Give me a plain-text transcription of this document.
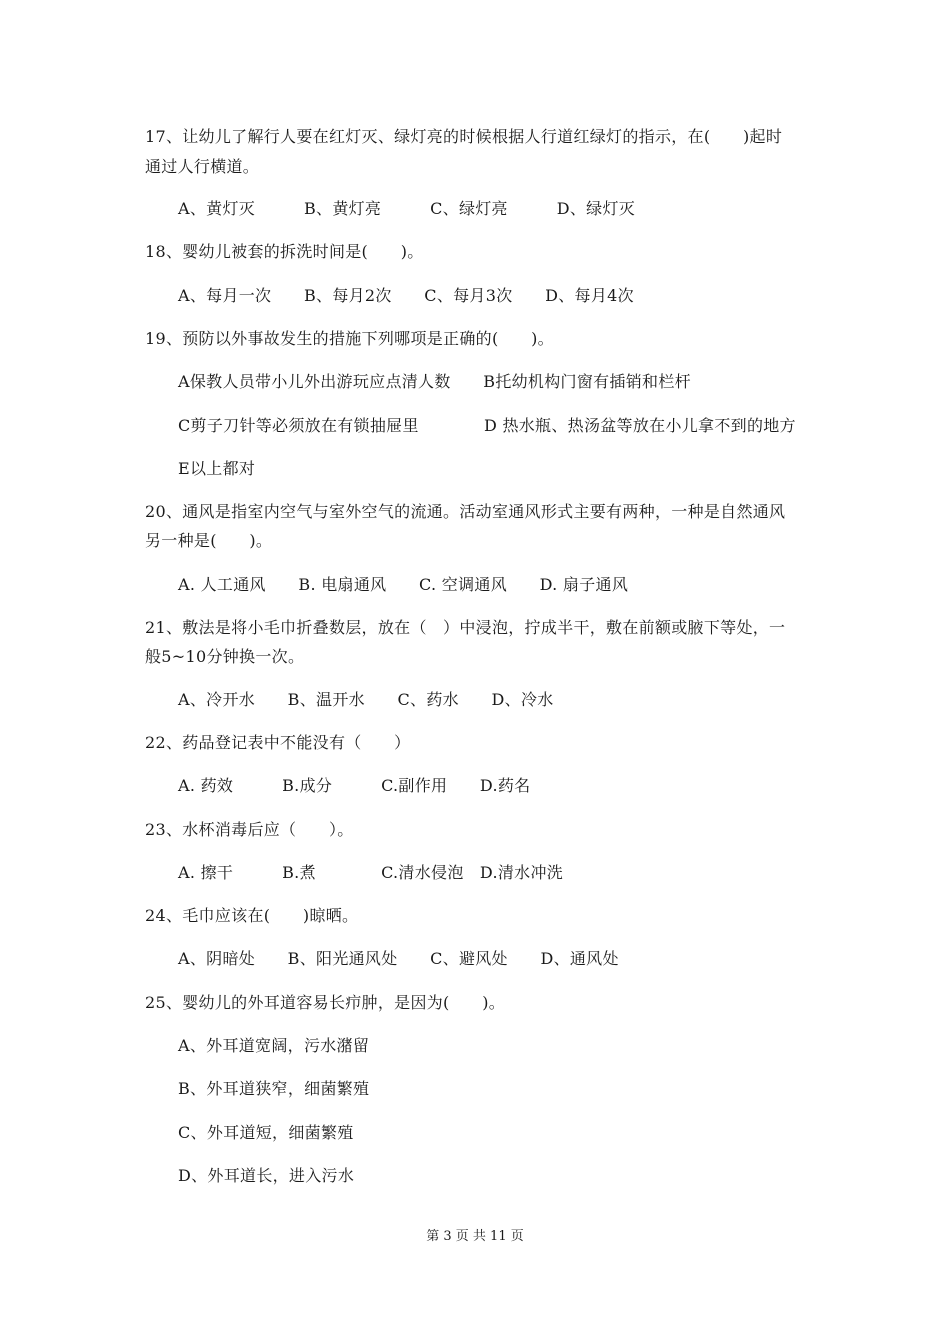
17、让幼儿了解行人要在红灯灭、绿灯亮的时候根据人行道红绿灯的指示，在(　　)起时
通过人行横道。
A、黄灯灭　　　B、黄灯亮　　　C、绿灯亮　　　D、绿灯灭
18、婴幼儿被套的拆洗时间是(　　)。
A、每月一次　　B、每月2次　　C、每月3次　　D、每月4次
19、预防以外事故发生的措施下列哪项是正确的(　　)。
A保教人员带小儿外出游玩应点清人数　　B托幼机构门窗有插销和栏杆
C剪子刀针等必须放在有锁抽屉里　　　　D 热水瓶、热汤盆等放在小儿拿不到的地方
E以上都对
20、通风是指室内空气与室外空气的流通。活动室通风形式主要有两种，一种是自然通风
另一种是(　　)。
A. 人工通风　　B. 电扇通风　　C. 空调通风　　D. 扇子通风
21、敷法是将小毛巾折叠数层，放在（　）中浸泡，拧成半干，敷在前额或腋下等处，一
般5~10分钟换一次。
A、冷开水　　B、温开水　　C、药水　　D、冷水
22、药品登记表中不能没有（　　）
A. 药效　　　B.成分　　　C.副作用　　D.药名
23、水杯消毒后应（　　）。
A. 擦干　　　B.煮　　　　C.清水侵泡　D.清水冲洗
24、毛巾应该在(　　)晾晒。
A、阴暗处　　B、阳光通风处　　C、避风处　　D、通风处
25、婴幼儿的外耳道容易长疖肿，是因为(　　)。
A、外耳道宽阔，污水潴留
B、外耳道狭窄，细菌繁殖
C、外耳道短，细菌繁殖
D、外耳道长，进入污水
第 3 页 共 11 页
